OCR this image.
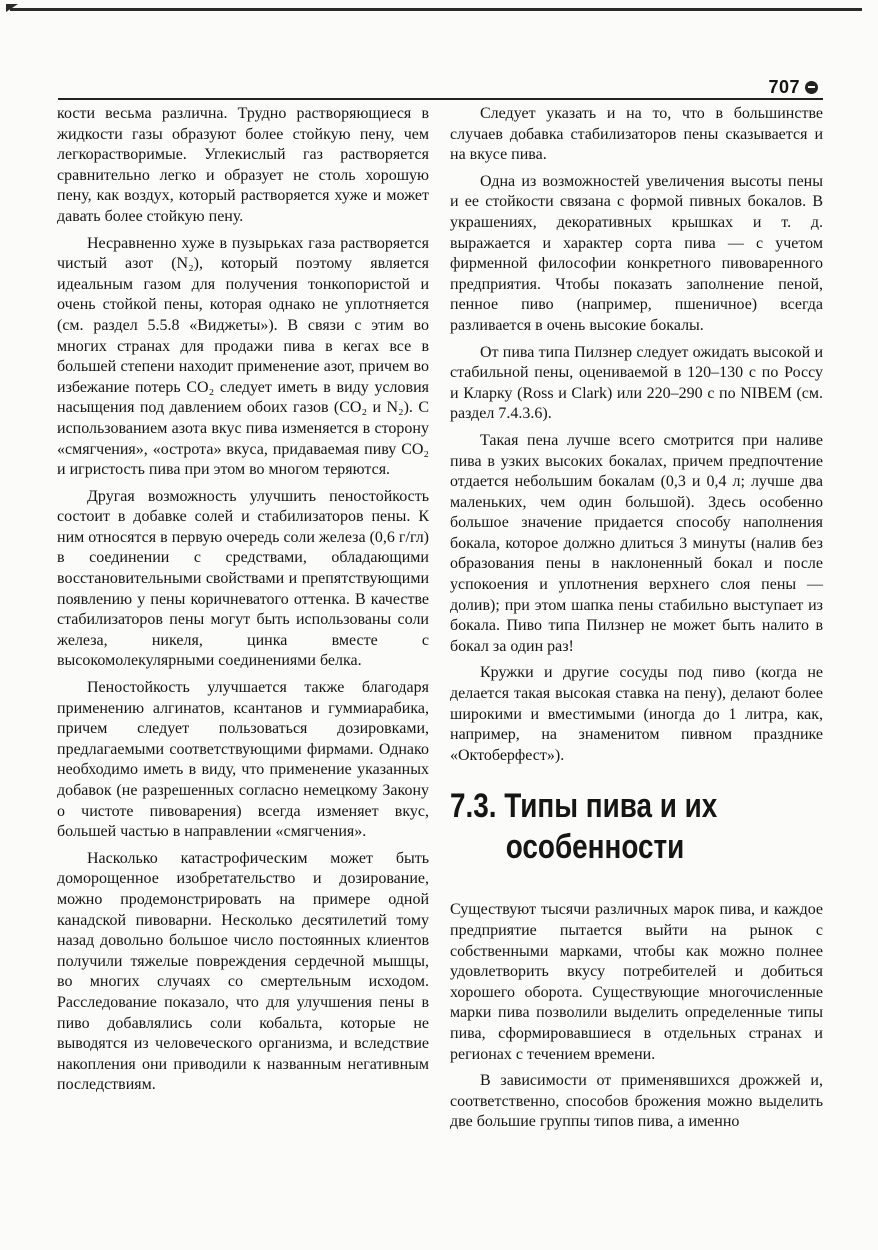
707

кости весьма различна. Трудно растворяющиеся в жидкости газы образуют более стойкую пену, чем легкорастворимые. Углекислый газ растворяется сравнительно легко и образует не столь хорошую пену, как воздух, который растворяется хуже и может давать более стойкую пену.

Несравненно хуже в пузырьках газа растворяется чистый азот (N₂), который поэтому является идеальным газом для получения тонкопористой и очень стойкой пены, которая однако не уплотняется (см. раздел 5.5.8 «Виджеты»). В связи с этим во многих странах для продажи пива в кегах все в большей степени находит применение азот, причем во избежание потерь CO₂ следует иметь в виду условия насыщения под давлением обоих газов (CO₂ и N₂). С использованием азота вкус пива изменяется в сторону «смягчения», «острота» вкуса, придаваемая пиву CO₂ и игристость пива при этом во многом теряются.

Другая возможность улучшить пеностойкость состоит в добавке солей и стабилизаторов пены. К ним относятся в первую очередь соли железа (0,6 г/гл) в соединении с средствами, обладающими восстановительными свойствами и препятствующими появлению у пены коричневатого оттенка. В качестве стабилизаторов пены могут быть использованы соли железа, никеля, цинка вместе с высокомолекулярными соединениями белка.

Пеностойкость улучшается также благодаря применению алгинатов, ксантанов и гуммиарабика, причем следует пользоваться дозировками, предлагаемыми соответствующими фирмами. Однако необходимо иметь в виду, что применение указанных добавок (не разрешенных согласно немецкому Закону о чистоте пивоварения) всегда изменяет вкус, большей частью в направлении «смягчения».

Насколько катастрофическим может быть доморощенное изобретательство и дозирование, можно продемонстрировать на примере одной канадской пивоварни. Несколько десятилетий тому назад довольно большое число постоянных клиентов получили тяжелые повреждения сердечной мышцы, во многих случаях со смертельным исходом. Расследование показало, что для улучшения пены в пиво добавлялись соли кобальта, которые не выводятся из человеческого организма, и вследствие накопления они приводили к названным негативным последствиям.

Следует указать и на то, что в большинстве случаев добавка стабилизаторов пены сказывается и на вкусе пива.

Одна из возможностей увеличения высоты пены и ее стойкости связана с формой пивных бокалов. В украшениях, декоративных крышках и т. д. выражается и характер сорта пива — с учетом фирменной философии конкретного пивоваренного предприятия. Чтобы показать заполнение пеной, пенное пиво (например, пшеничное) всегда разливается в очень высокие бокалы.

От пива типа Пилзнер следует ожидать высокой и стабильной пены, оцениваемой в 120–130 с по Россу и Кларку (Ross и Clark) или 220–290 с по NIBEM (см. раздел 7.4.3.6).

Такая пена лучше всего смотрится при наливе пива в узких высоких бокалах, причем предпочтение отдается небольшим бокалам (0,3 и 0,4 л; лучше два маленьких, чем один большой). Здесь особенно большое значение придается способу наполнения бокала, которое должно длиться 3 минуты (налив без образования пены в наклоненный бокал и после успокоения и уплотнения верхнего слоя пены — долив); при этом шапка пены стабильно выступает из бокала. Пиво типа Пилзнер не может быть налито в бокал за один раз!

Кружки и другие сосуды под пиво (когда не делается такая высокая ставка на пену), делают более широкими и вместимыми (иногда до 1 литра, как, например, на знаменитом пивном празднике «Октоберфест»).

7.3. Типы пива и их
особенности

Существуют тысячи различных марок пива, и каждое предприятие пытается выйти на рынок с собственными марками, чтобы как можно полнее удовлетворить вкусу потребителей и добиться хорошего оборота. Существующие многочисленные марки пива позволили выделить определенные типы пива, сформировавшиеся в отдельных странах и регионах с течением времени.

В зависимости от применявшихся дрожжей и, соответственно, способов брожения можно выделить две большие группы типов пива, а именно
